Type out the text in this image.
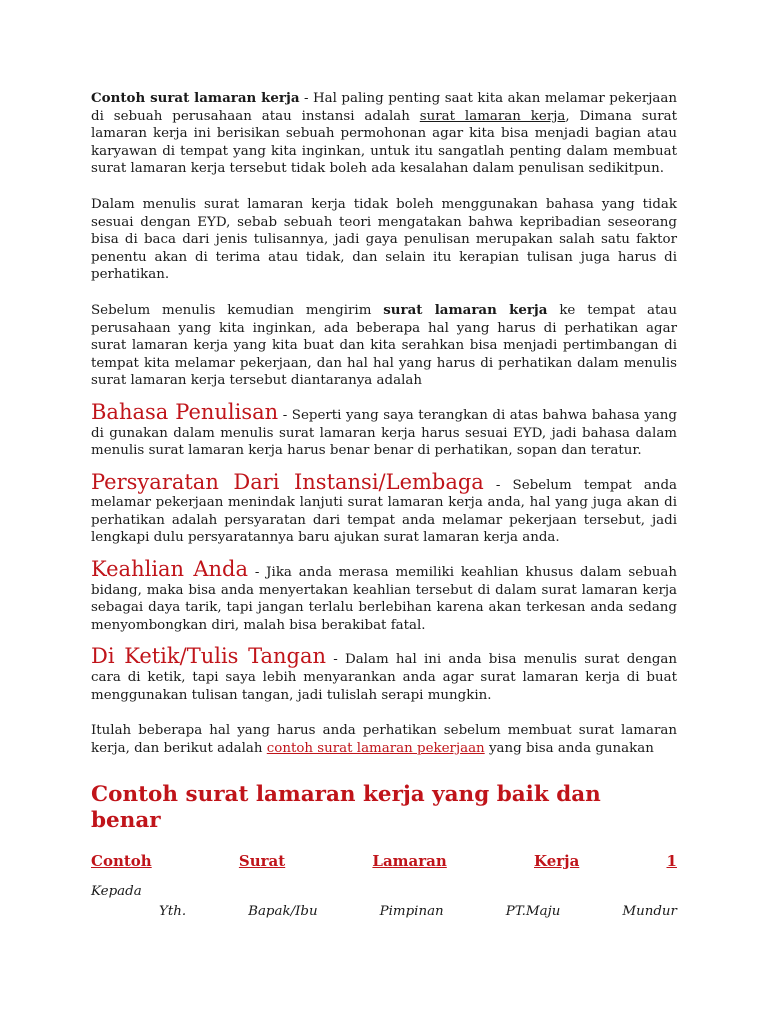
Contoh surat lamaran kerja - Hal paling penting saat kita akan melamar pekerjaan di sebuah perusahaan atau instansi adalah surat lamaran kerja, Dimana surat lamaran kerja ini berisikan sebuah permohonan agar kita bisa menjadi bagian atau karyawan di tempat yang kita inginkan, untuk itu sangatlah penting dalam membuat surat lamaran kerja tersebut tidak boleh ada kesalahan dalam penulisan sedikitpun.

Dalam menulis surat lamaran kerja tidak boleh menggunakan bahasa yang tidak sesuai dengan EYD, sebab sebuah teori mengatakan bahwa kepribadian seseorang bisa di baca dari jenis tulisannya, jadi gaya penulisan merupakan salah satu faktor penentu akan di terima atau tidak, dan selain itu kerapian tulisan juga harus di perhatikan.

Sebelum menulis kemudian mengirim surat lamaran kerja ke tempat atau perusahaan yang kita inginkan, ada beberapa hal yang harus di perhatikan agar surat lamaran kerja yang kita buat dan kita serahkan bisa menjadi pertimbangan di tempat kita melamar pekerjaan, dan hal hal yang harus di perhatikan dalam menulis surat lamaran kerja tersebut diantaranya adalah

Bahasa Penulisan - Seperti yang saya terangkan di atas bahwa bahasa yang di gunakan dalam menulis surat lamaran kerja harus sesuai EYD, jadi bahasa dalam menulis surat lamaran kerja harus benar benar di perhatikan, sopan dan teratur.

Persyaratan Dari Instansi/Lembaga - Sebelum tempat anda melamar pekerjaan menindak lanjuti surat lamaran kerja anda, hal yang juga akan di perhatikan adalah persyaratan dari tempat anda melamar pekerjaan tersebut, jadi lengkapi dulu persyaratannya baru ajukan surat lamaran kerja anda.

Keahlian Anda - Jika anda merasa memiliki keahlian khusus dalam sebuah bidang, maka bisa anda menyertakan keahlian tersebut di dalam surat lamaran kerja sebagai daya tarik, tapi jangan terlalu berlebihan karena akan terkesan anda sedang menyombongkan diri, malah bisa berakibat fatal.

Di Ketik/Tulis Tangan - Dalam hal ini anda bisa menulis surat dengan cara di ketik, tapi saya lebih menyarankan anda agar surat lamaran kerja di buat menggunakan tulisan tangan, jadi tulislah serapi mungkin.

Itulah beberapa hal yang harus anda perhatikan sebelum membuat surat lamaran kerja, dan berikut adalah contoh surat lamaran pekerjaan yang bisa anda gunakan

Contoh surat lamaran kerja yang baik dan benar
Contoh	Surat	Lamaran	Kerja	1
Kepada
Yth.	Bapak/Ibu	Pimpinan	PT.Maju	Mundur
